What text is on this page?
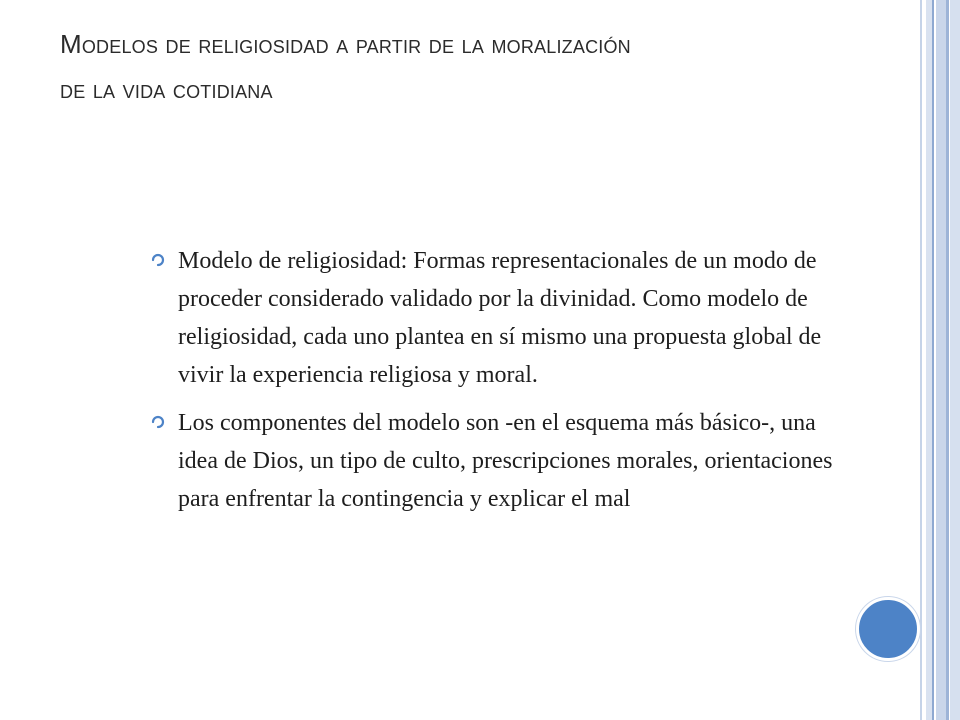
Modelos de religiosidad a partir de la moralización
de la vida cotidiana
Modelo de religiosidad: Formas representacionales de un modo de proceder considerado validado por la divinidad. Como modelo de religiosidad, cada uno plantea en sí mismo una propuesta global de vivir la experiencia religiosa y moral.
Los componentes del modelo son -en el esquema más básico-, una idea de Dios, un tipo de culto, prescripciones morales, orientaciones para enfrentar la contingencia y explicar el mal
